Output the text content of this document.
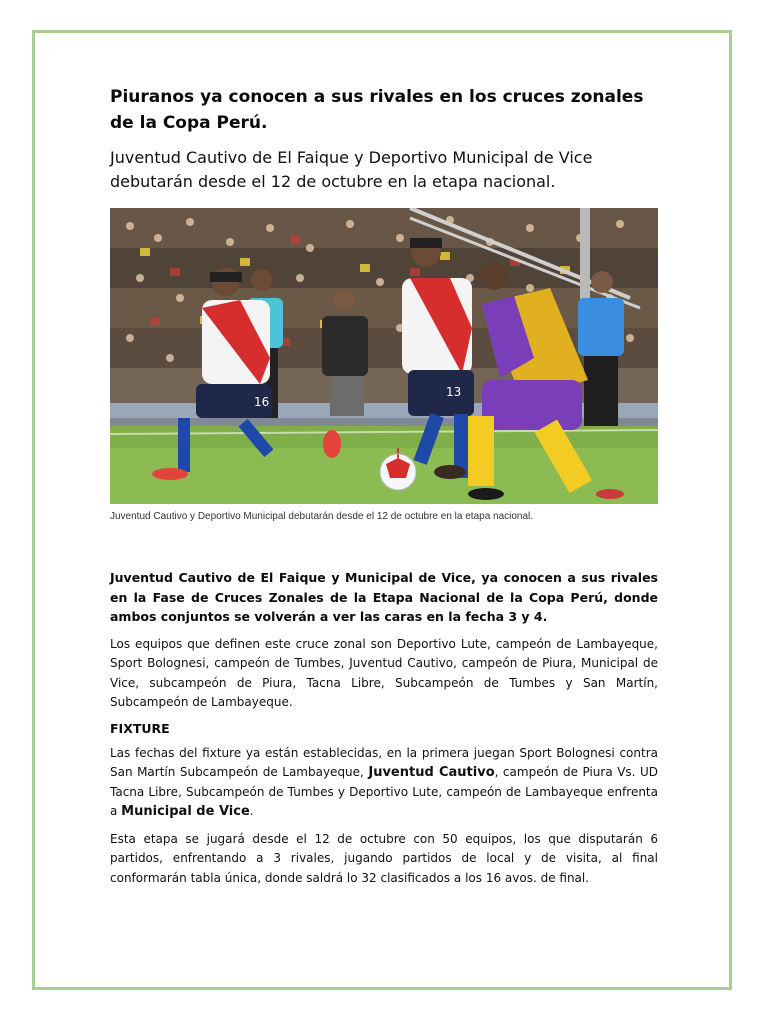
Piuranos ya conocen a sus rivales en los cruces zonales de la Copa Perú.

Juventud Cautivo de El Faique y Deportivo Municipal de Vice debutarán desde el 12 de octubre en la etapa nacional.

16
13

Juventud Cautivo y Deportivo Municipal debutarán desde el 12 de octubre en la etapa nacional.

Juventud Cautivo de El Faique y Municipal de Vice, ya conocen a sus rivales en la Fase de Cruces Zonales de la Etapa Nacional de la Copa Perú, donde ambos conjuntos se volverán a ver las caras en la fecha 3 y 4.

Los equipos que definen este cruce zonal son Deportivo Lute, campeón de Lambayeque, Sport Bolognesi, campeón de Tumbes, Juventud Cautivo, campeón de Piura, Municipal de Vice, subcampeón de Piura, Tacna Libre, Subcampeón de Tumbes y San Martín, Subcampeón de Lambayeque.

FIXTURE

Las fechas del fixture ya están establecidas, en la primera juegan Sport Bolognesi contra San Martín Subcampeón de Lambayeque, Juventud Cautivo, campeón de Piura Vs. UD Tacna Libre, Subcampeón de Tumbes y Deportivo Lute, campeón de Lambayeque enfrenta a Municipal de Vice.

Esta etapa se jugará desde el 12 de octubre con 50 equipos, los que disputarán 6 partidos, enfrentando a 3 rivales, jugando partidos de local y de visita, al final conformarán tabla única, donde saldrá lo 32 clasificados a los 16 avos. de final.
